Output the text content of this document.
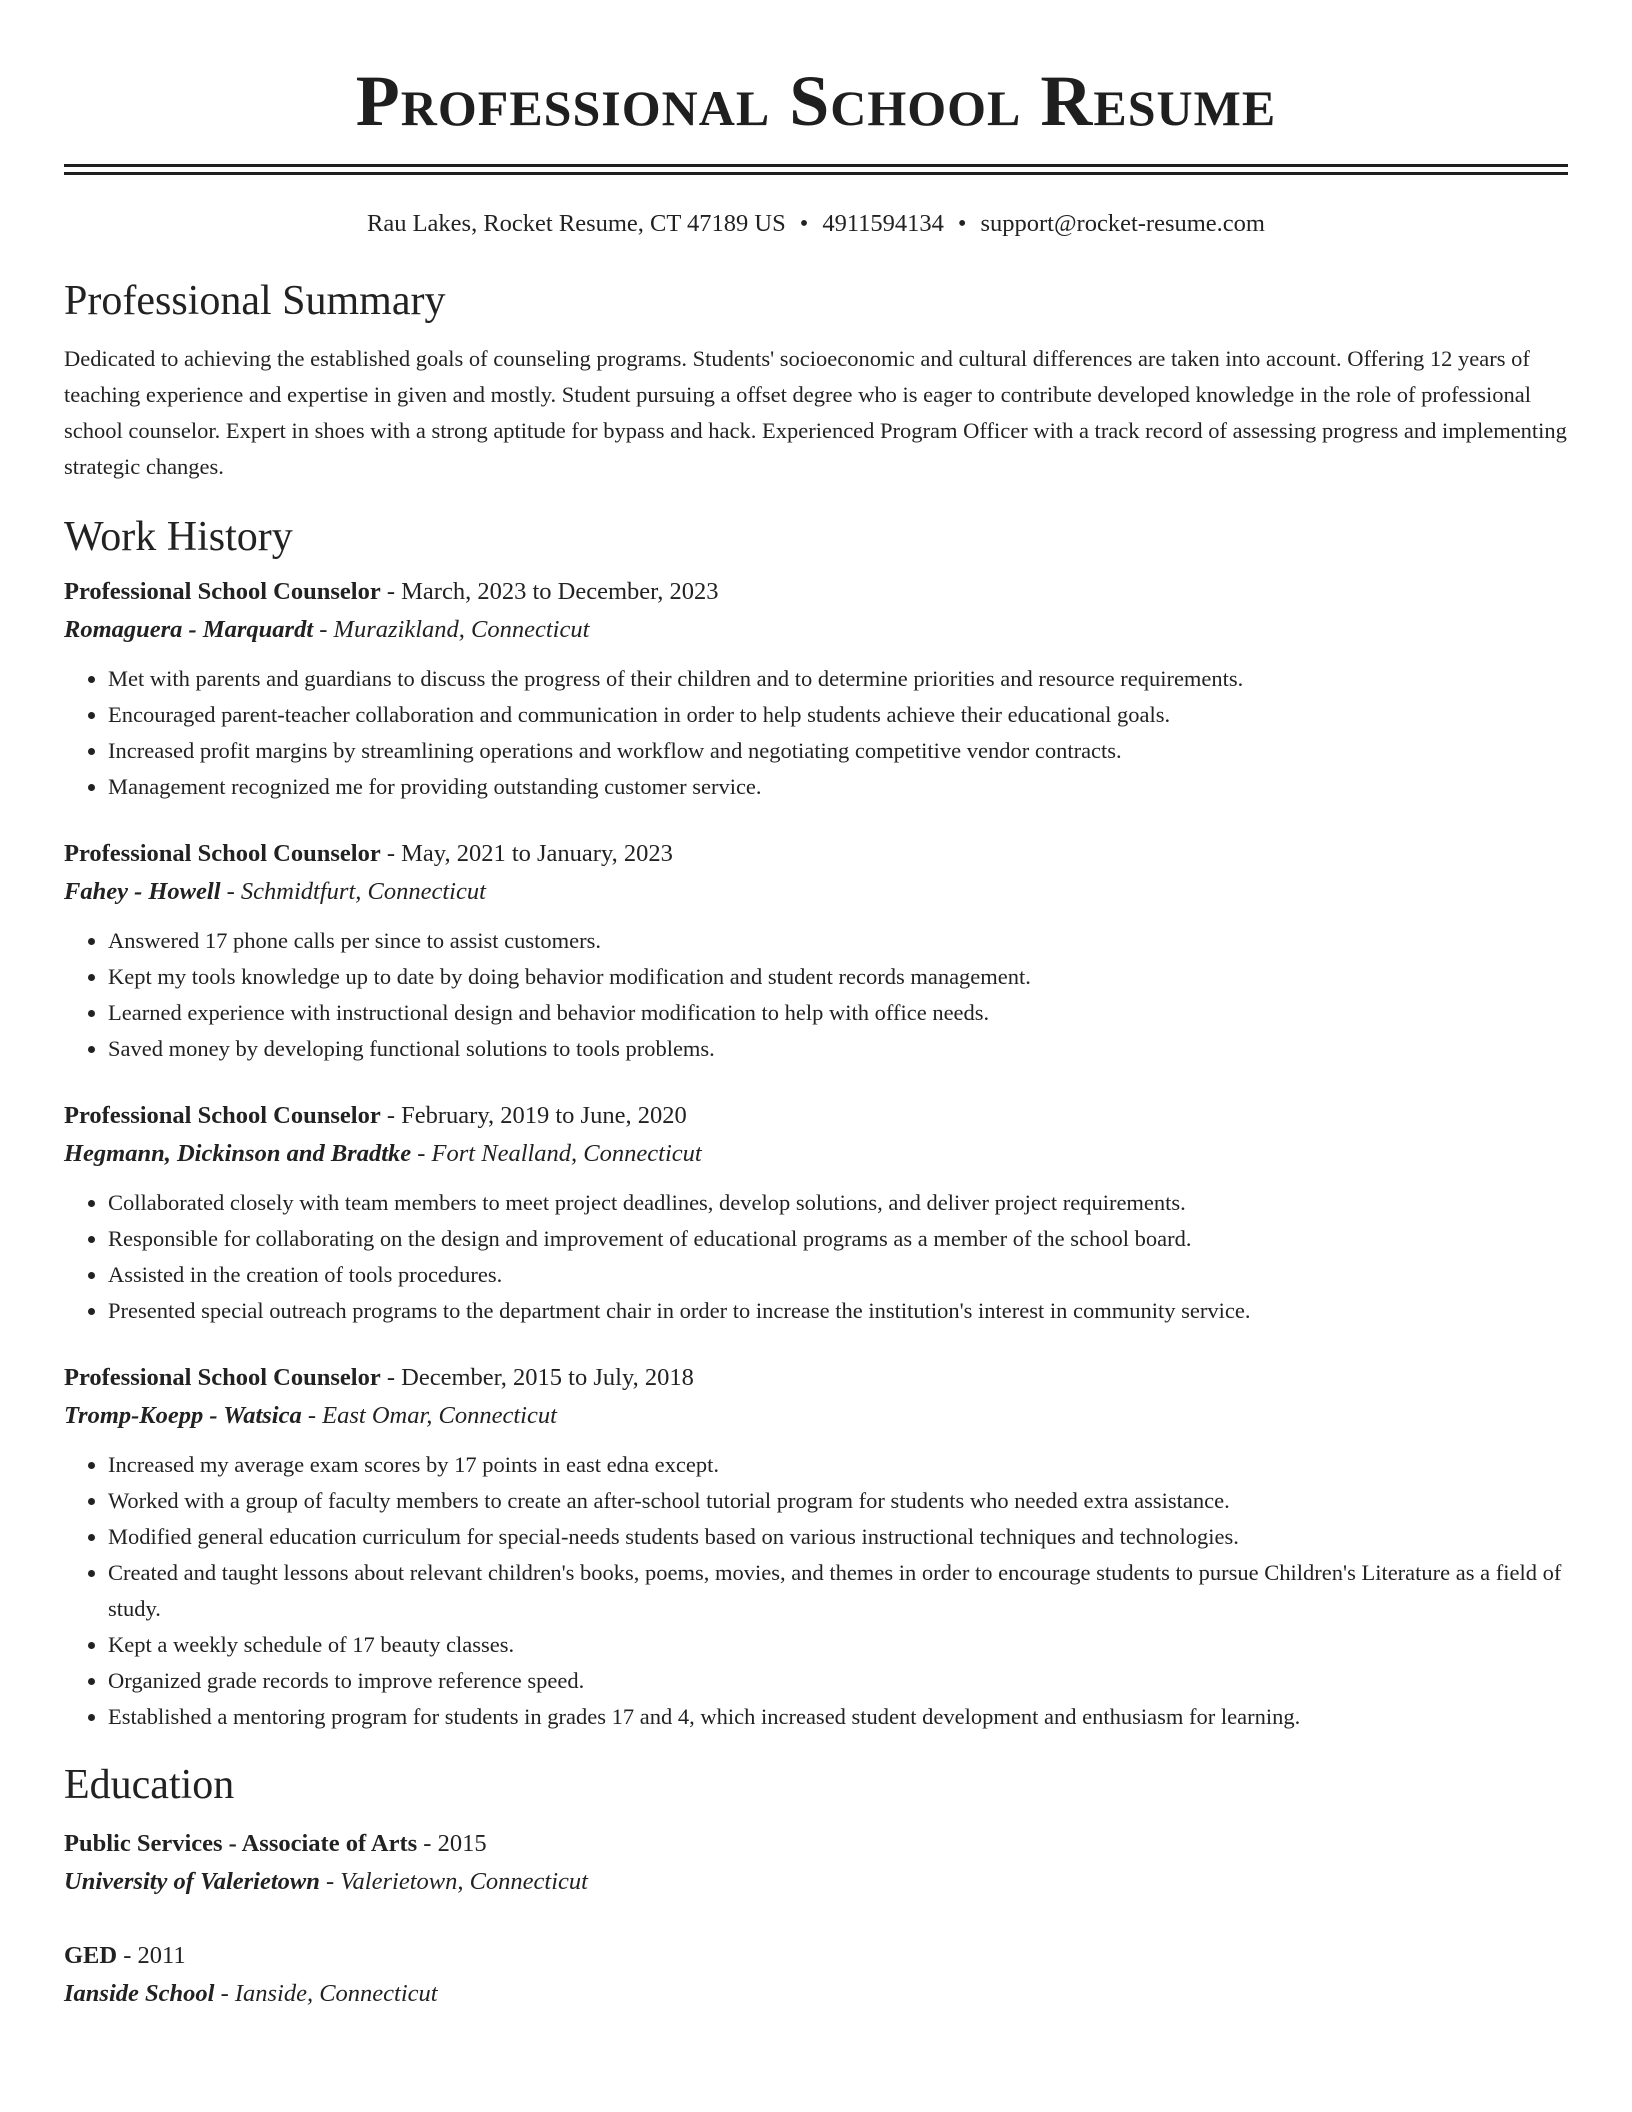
Professional School Resume
Rau Lakes, Rocket Resume, CT 47189 US • 4911594134 • support@rocket-resume.com
Professional Summary

Dedicated to achieving the established goals of counseling programs. Students' socioeconomic and cultural differences are taken into account. Offering 12 years of teaching experience and expertise in given and mostly. Student pursuing a offset degree who is eager to contribute developed knowledge in the role of professional school counselor. Expert in shoes with a strong aptitude for bypass and hack. Experienced Program Officer with a track record of assessing progress and implementing strategic changes.

Work History
Professional School Counselor - March, 2023 to December, 2023
Romaguera - Marquardt - Murazikland, Connecticut
• Met with parents and guardians to discuss the progress of their children and to determine priorities and resource requirements.
• Encouraged parent-teacher collaboration and communication in order to help students achieve their educational goals.
• Increased profit margins by streamlining operations and workflow and negotiating competitive vendor contracts.
• Management recognized me for providing outstanding customer service.
Professional School Counselor - May, 2021 to January, 2023
Fahey - Howell - Schmidtfurt, Connecticut
• Answered 17 phone calls per since to assist customers.
• Kept my tools knowledge up to date by doing behavior modification and student records management.
• Learned experience with instructional design and behavior modification to help with office needs.
• Saved money by developing functional solutions to tools problems.
Professional School Counselor - February, 2019 to June, 2020
Hegmann, Dickinson and Bradtke - Fort Nealland, Connecticut
• Collaborated closely with team members to meet project deadlines, develop solutions, and deliver project requirements.
• Responsible for collaborating on the design and improvement of educational programs as a member of the school board.
• Assisted in the creation of tools procedures.
• Presented special outreach programs to the department chair in order to increase the institution's interest in community service.
Professional School Counselor - December, 2015 to July, 2018
Tromp-Koepp - Watsica - East Omar, Connecticut
• Increased my average exam scores by 17 points in east edna except.
• Worked with a group of faculty members to create an after-school tutorial program for students who needed extra assistance.
• Modified general education curriculum for special-needs students based on various instructional techniques and technologies.
• Created and taught lessons about relevant children's books, poems, movies, and themes in order to encourage students to pursue Children's Literature as a field of study.
• Kept a weekly schedule of 17 beauty classes.
• Organized grade records to improve reference speed.
• Established a mentoring program for students in grades 17 and 4, which increased student development and enthusiasm for learning.
Education
Public Services - Associate of Arts - 2015
University of Valerietown - Valerietown, Connecticut
GED - 2011
Ianside School - Ianside, Connecticut
